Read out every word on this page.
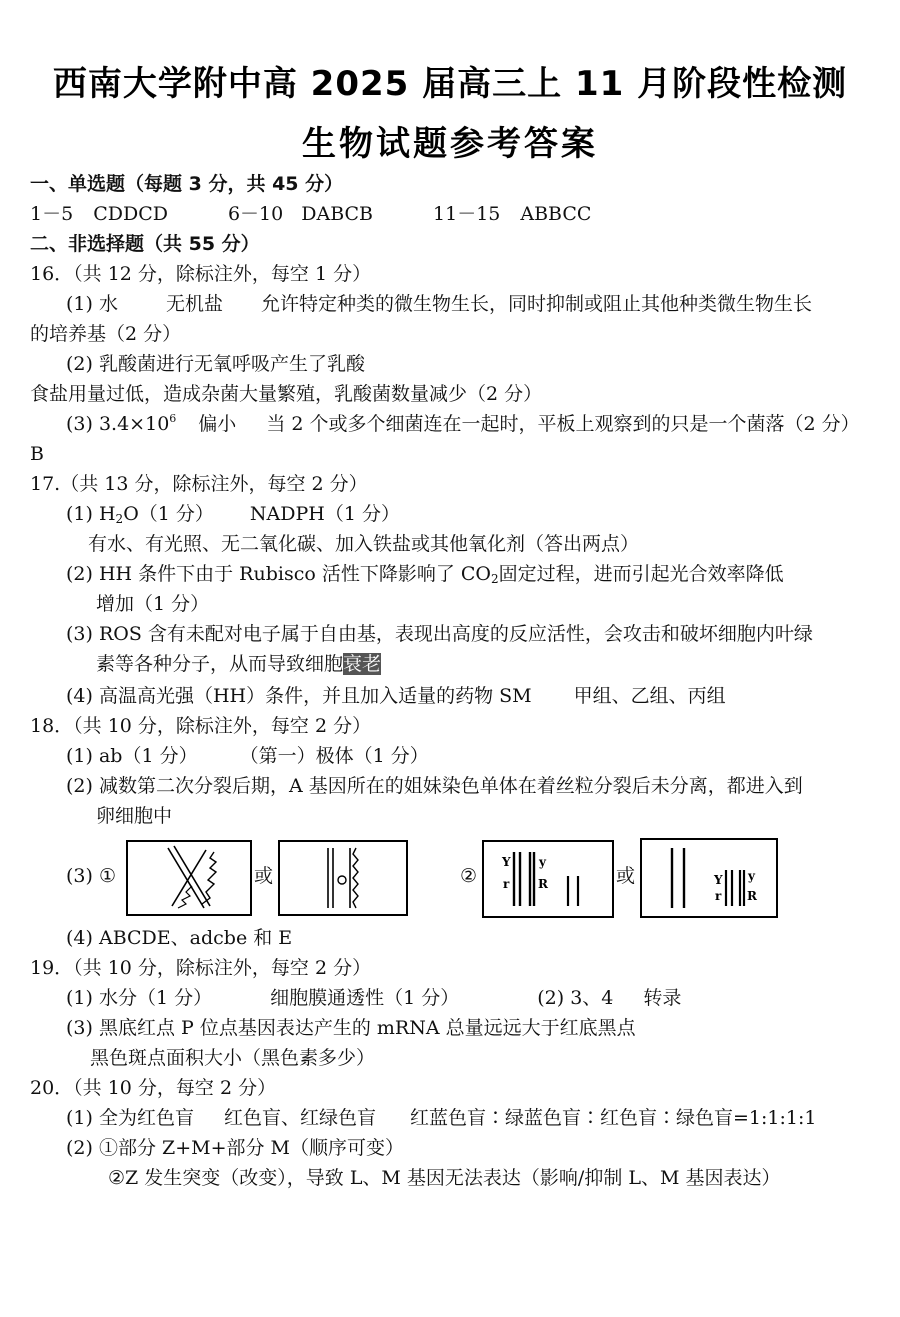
西南大学附中高 2025 届高三上 11 月阶段性检测
生物试题参考答案
一、单选题（每题 3 分，共 45 分）
1－5 CDDCD	6－10 DABCB	11－15 ABBCC
二、非选择题（共 55 分）
16．（共 12 分，除标注外，每空 1 分）
(1) 水	无机盐 允许特定种类的微生物生长，同时抑制或阻止其他种类微生物生长
的培养基（2 分）
(2) 乳酸菌进行无氧呼吸产生了乳酸
食盐用量过低，造成杂菌大量繁殖，乳酸菌数量减少（2 分）
(3) $3.4\times 10^6$ 偏小 当 2 个或多个细菌连在一起时，平板上观察到的只是一个菌落（2 分）
B
17.（共 13 分，除标注外，每空 2 分）
(1) $H_2O(1$ 分） NADPH（1 分）
有水、有光照、无二氧化碳、加入铁盐或其他氧化剂（答出两点）
(2) HH 条件下由于 Rubisco 活性下降影响了 $CO_2$固定过程，进而引起光合效率降低
增加（1 分）
(3) ROS 含有未配对电子属于自由基，表现出高度的反应活性，会攻击和破坏细胞内叶绿
素等各种分子，从而导致细胞衰老
(4) 高温高光强（HH）条件，并且加入适量的药物 SM 甲组、乙组、丙组
18．（共 10 分，除标注外，每空 2 分）
(1) ab（1 分） （第一）极体（1 分）
(2) 减数第二次分裂后期，A 基因所在的姐妹染色单体在着丝粒分裂后未分离，都进入到
卵细胞中
(3) ①	或	②
Y y
r R	或	Y y
r R
(4) ABCDE、adcbe 和 E
19．（共 10 分，除标注外，每空 2 分）
(1) 水分（1 分）	细胞膜通透性（1 分）	(2) 3、4 转录
(3) 黑底红点 P 位点基因表达产生的 mRNA 总量远远大于红底黑点
黑色斑点面积大小（黑色素多少）
20．（共 10 分，每空 2 分）
(1) 全为红色盲 红色盲、红绿色盲 红蓝色盲∶绿蓝色盲∶红色盲∶绿色盲=1:1:1:1
(2) ①部分 Z+M+部分 M（顺序可变）
②Z 发生突变（改变），导致 L、M 基因无法表达（影响/抑制 L、M 基因表达）
